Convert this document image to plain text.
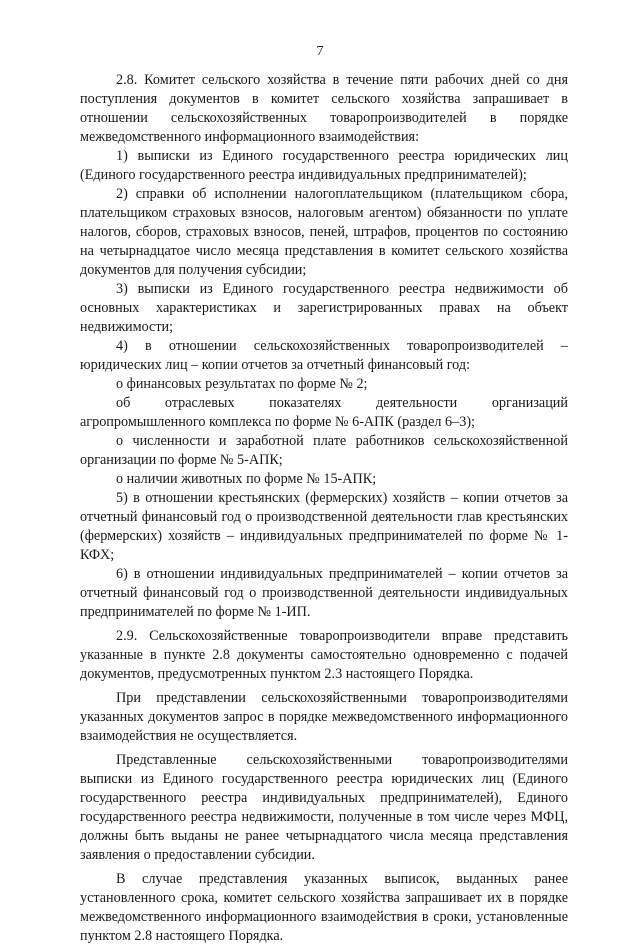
7

2.8. Комитет сельского хозяйства в течение пяти рабочих дней со дня поступления документов в комитет сельского хозяйства запрашивает в отношении сельскохозяйственных товаропроизводителей в порядке межведомственного информационного взаимодействия:

1) выписки из Единого государственного реестра юридических лиц (Единого государственного реестра индивидуальных предпринимателей);

2) справки об исполнении налогоплательщиком (плательщиком сбора, плательщиком страховых взносов, налоговым агентом) обязанности по уплате налогов, сборов, страховых взносов, пеней, штрафов, процентов по состоянию на четырнадцатое число месяца представления в комитет сельского хозяйства документов для получения субсидии;

3) выписки из Единого государственного реестра недвижимости об основных характеристиках и зарегистрированных правах на объект недвижимости;

4) в отношении сельскохозяйственных товаропроизводителей – юридических лиц – копии отчетов за отчетный финансовый год:

о финансовых результатах по форме № 2;

об отраслевых показателях деятельности организаций агропромышленного комплекса по форме № 6-АПК (раздел 6–3);

о численности и заработной плате работников сельскохозяйственной организации по форме № 5-АПК;

о наличии животных по форме № 15-АПК;

5) в отношении крестьянских (фермерских) хозяйств – копии отчетов за отчетный финансовый год о производственной деятельности глав крестьянских (фермерских) хозяйств – индивидуальных предпринимателей по форме № 1-КФХ;

6) в отношении индивидуальных предпринимателей – копии отчетов за отчетный финансовый год о производственной деятельности индивидуальных предпринимателей по форме № 1-ИП.

2.9. Сельскохозяйственные товаропроизводители вправе представить указанные в пункте 2.8 документы самостоятельно одновременно с подачей документов, предусмотренных пунктом 2.3 настоящего Порядка.

При представлении сельскохозяйственными товаропроизводителями указанных документов запрос в порядке межведомственного информационного взаимодействия не осуществляется.

Представленные сельскохозяйственными товаропроизводителями выписки из Единого государственного реестра юридических лиц (Единого государственного реестра индивидуальных предпринимателей), Единого государственного реестра недвижимости, полученные в том числе через МФЦ, должны быть выданы не ранее четырнадцатого числа месяца представления заявления о предоставлении субсидии.

В случае представления указанных выписок, выданных ранее установленного срока, комитет сельского хозяйства запрашивает их в порядке межведомственного информационного взаимодействия в сроки, установленные пунктом 2.8 настоящего Порядка.
